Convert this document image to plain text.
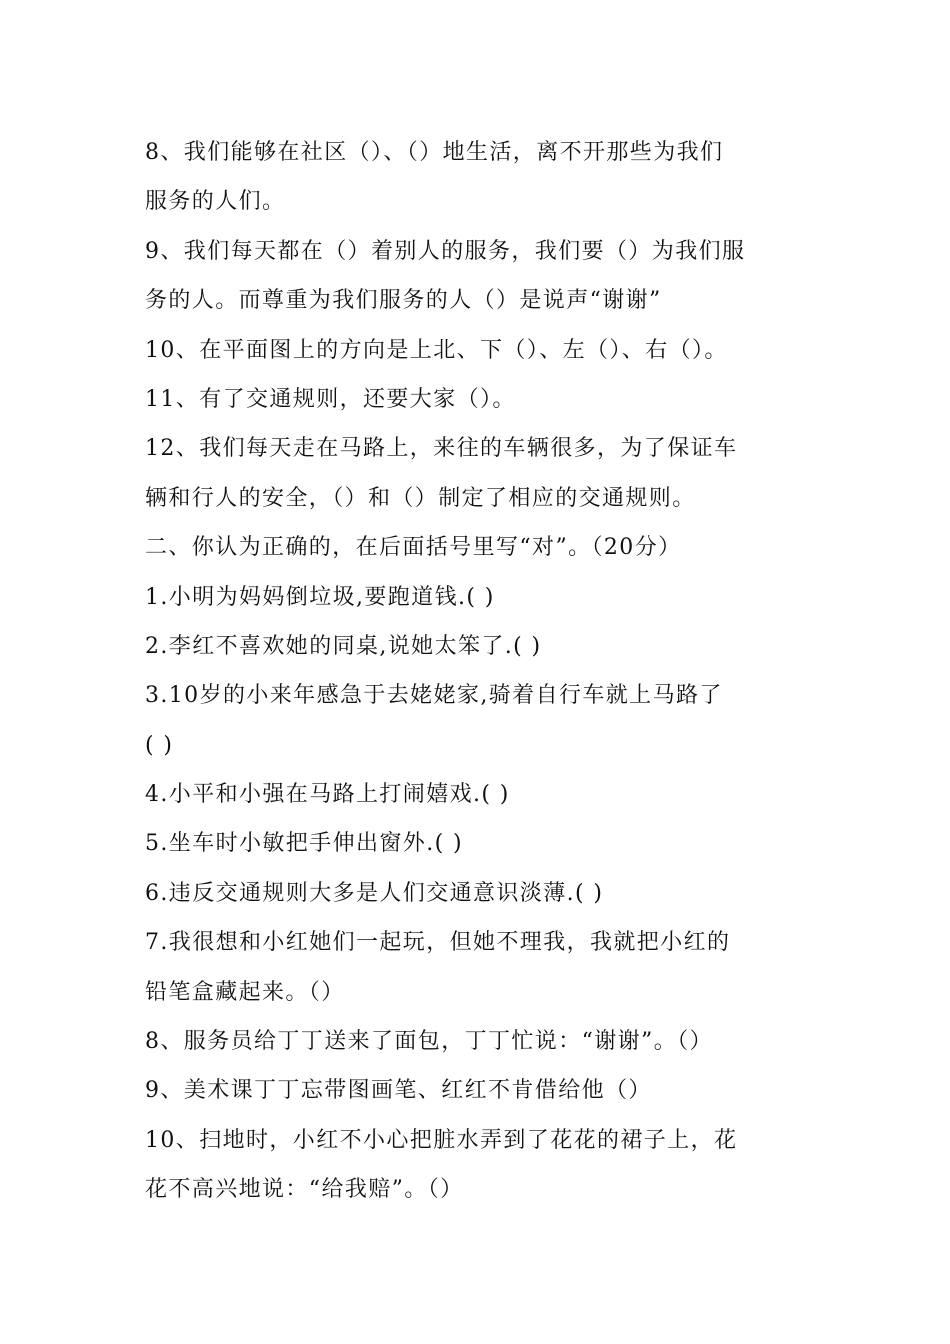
8、我们能够在社区（）、（）地生活，离不开那些为我们
服务的人们。
9、我们每天都在（）着别人的服务，我们要（）为我们服
务的人。而尊重为我们服务的人（）是说声“谢谢”
10、在平面图上的方向是上北、下（）、左（）、右（）。
11、有了交通规则，还要大家（）。
12、我们每天走在马路上，来往的车辆很多，为了保证车
辆和行人的安全，（）和（）制定了相应的交通规则。
二、你认为正确的，在后面括号里写“对”。（20分）
1.小明为妈妈倒垃圾,要跑道钱.( )
2.李红不喜欢她的同桌,说她太笨了.( )
3.10岁的小来年感急于去姥姥家,骑着自行车就上马路了
( )
4.小平和小强在马路上打闹嬉戏.( )
5.坐车时小敏把手伸出窗外.( )
6.违反交通规则大多是人们交通意识淡薄.( )
7.我很想和小红她们一起玩，但她不理我，我就把小红的
铅笔盒藏起来。（）
8、服务员给丁丁送来了面包，丁丁忙说：“谢谢”。（）
9、美术课丁丁忘带图画笔、红红不肯借给他（）
10、扫地时，小红不小心把脏水弄到了花花的裙子上，花
花不高兴地说：“给我赔”。（）
